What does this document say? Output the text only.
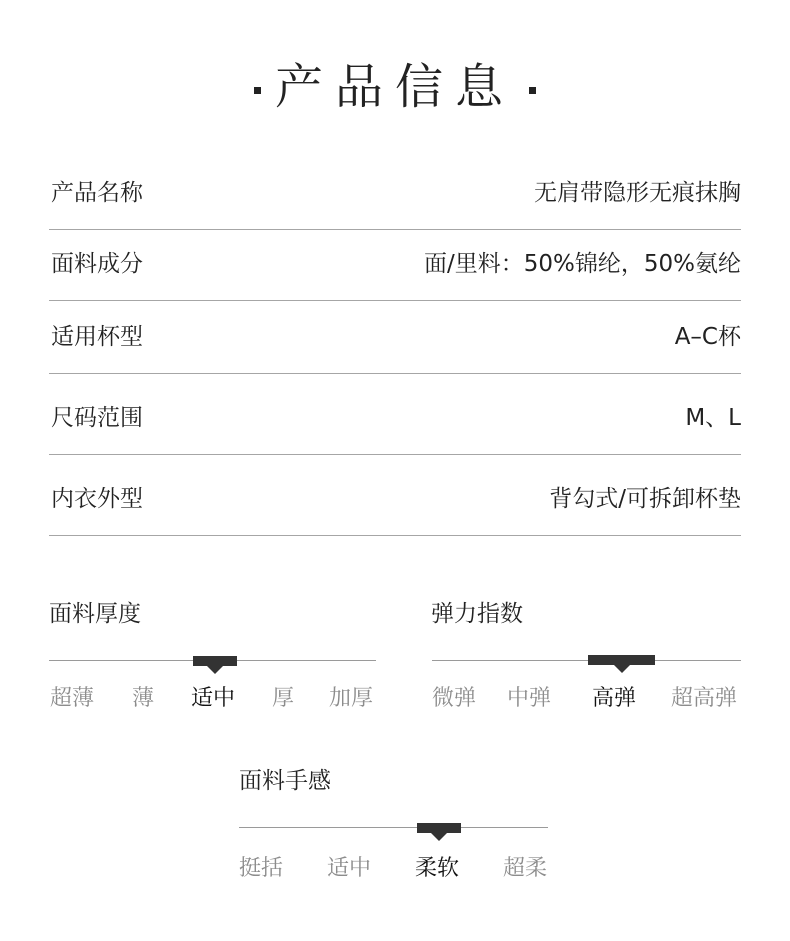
产品信息
产品名称	无肩带隐形无痕抹胸
面料成分	面/里料：50%锦纶，50%氨纶
适用杯型	A–C杯
尺码范围	M、L
内衣外型	背勾式/可拆卸杯垫
面料厚度
超薄 薄 适中 厚 加厚
弹力指数
微弹 中弹 高弹 超高弹
面料手感
挺括 适中 柔软 超柔
